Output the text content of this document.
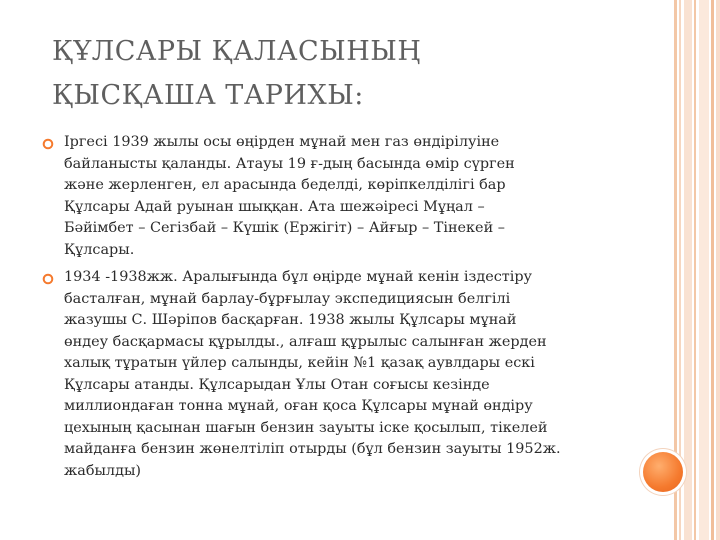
ҚҰЛСАРЫ ҚАЛАСЫНЫҢ
ҚЫСҚАША ТАРИХЫ:
Іргесі 1939 жылы осы өңірден мұнай мен газ өндірілуіне
байланысты қаланды. Атауы 19 ғ-дың басында өмір сүрген
және жерленген, ел арасында беделді, көріпкелділігі бар
Құлсары Адай руынан шыққан. Ата шежәіресі Мұңал –
Бәйімбет – Сегізбай – Күшік (Ержігіт) – Айғыр – Тінекей –
Құлсары.
1934 -1938жж. Аралығында бұл өңірде мұнай кенін іздестіру
басталған, мұнай барлау-бұрғылау экспедициясын белгілі
жазушы С. Шәріпов басқарған. 1938 жылы Құлсары мұнай
өндеу басқармасы құрылды., алғаш құрылыс салынған жерден
халық тұратын үйлер салынды, кейін №1 қазақ аувлдары ескі
Құлсары атанды. Құлсарыдан Ұлы Отан соғысы кезінде
миллиондаған тонна мұнай, оған қоса Құлсары мұнай өндіру
цехының қасынан шағын бензин зауыты іске қосылып, тікелей
майданға бензин жөнелтіліп отырды (бұл бензин зауыты 1952ж.
жабылды)
